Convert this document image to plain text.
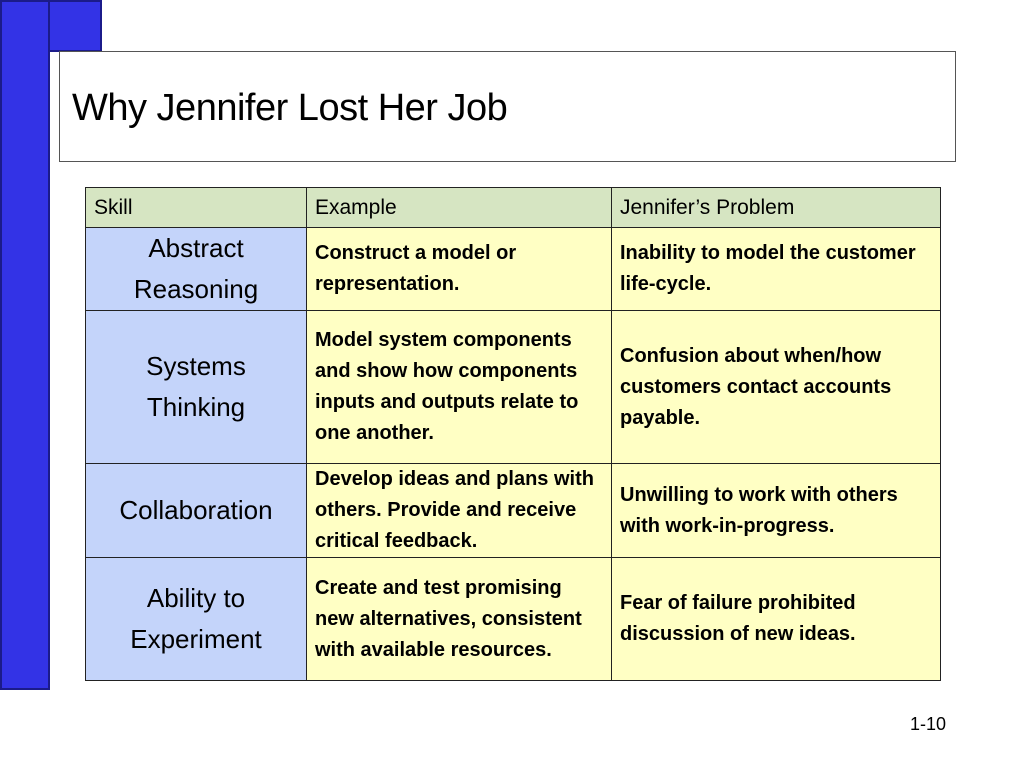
Why Jennifer Lost Her Job
Skill	Example	Jennifer’s Problem
Abstract Reasoning	Construct a model or representation.	Inability to model the customer life-cycle.
Systems Thinking	Model system components and show how components inputs and outputs relate to one another.	Confusion about when/how customers contact accounts payable.
Collaboration	Develop ideas and plans with others. Provide and receive critical feedback.	Unwilling to work with others with work-in-progress.
Ability to Experiment	Create and test promising new alternatives, consistent with available resources.	Fear of failure prohibited discussion of new ideas.
1-10
